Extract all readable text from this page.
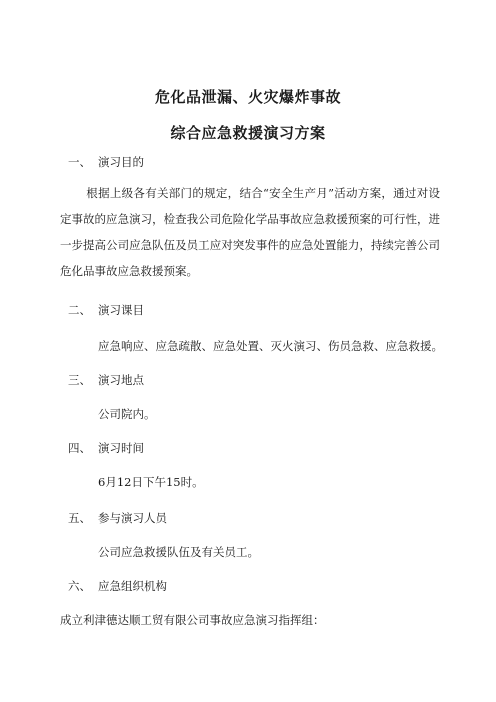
危化品泄漏、火灾爆炸事故
综合应急救援演习方案
一、 演习目的
根据上级各有关部门的规定，结合“安全生产月”活动方案，通过对设定事故的应急演习，检查我公司危险化学品事故应急救援预案的可行性，进一步提高公司应急队伍及员工应对突发事件的应急处置能力，持续完善公司危化品事故应急救援预案。
二、 演习课目
应急响应、应急疏散、应急处置、灭火演习、伤员急救、应急救援。
三、 演习地点
公司院内。
四、 演习时间
6月12日下午15时。
五、 参与演习人员
公司应急救援队伍及有关员工。
六、 应急组织机构
成立利津德达顺工贸有限公司事故应急演习指挥组：
